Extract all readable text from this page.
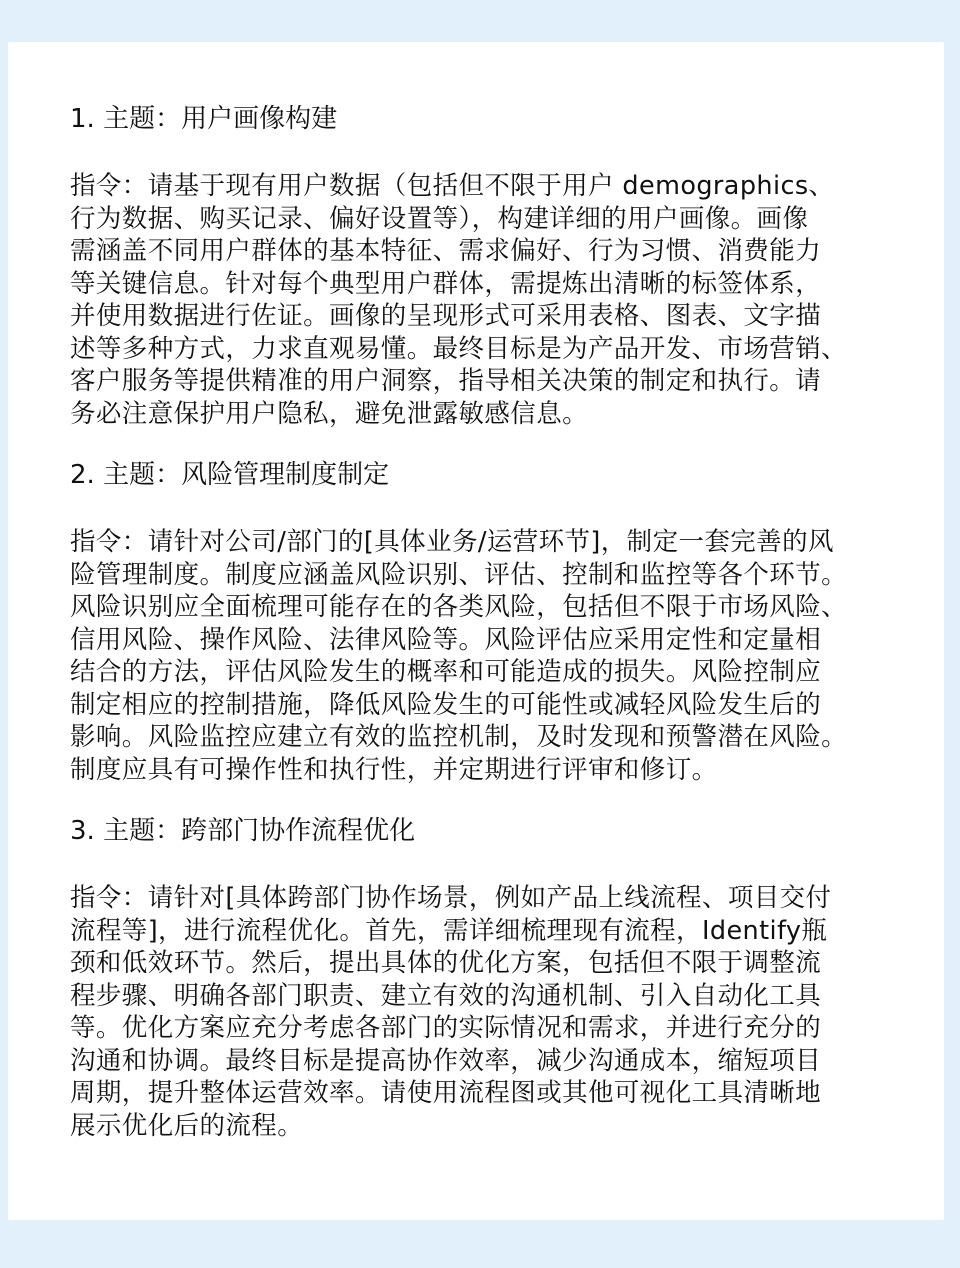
1. 主题：用户画像构建

指令：请基于现有用户数据（包括但不限于用户 demographics、
行为数据、购买记录、偏好设置等），构建详细的用户画像。画像
需涵盖不同用户群体的基本特征、需求偏好、行为习惯、消费能力
等关键信息。针对每个典型用户群体，需提炼出清晰的标签体系，
并使用数据进行佐证。画像的呈现形式可采用表格、图表、文字描
述等多种方式，力求直观易懂。最终目标是为产品开发、市场营销、
客户服务等提供精准的用户洞察，指导相关决策的制定和执行。请
务必注意保护用户隐私，避免泄露敏感信息。

2. 主题：风险管理制度制定

指令：请针对公司/部门的[具体业务/运营环节]，制定一套完善的风
险管理制度。制度应涵盖风险识别、评估、控制和监控等各个环节。
风险识别应全面梳理可能存在的各类风险，包括但不限于市场风险、
信用风险、操作风险、法律风险等。风险评估应采用定性和定量相
结合的方法，评估风险发生的概率和可能造成的损失。风险控制应
制定相应的控制措施，降低风险发生的可能性或减轻风险发生后的
影响。风险监控应建立有效的监控机制，及时发现和预警潜在风险。
制度应具有可操作性和执行性，并定期进行评审和修订。

3. 主题：跨部门协作流程优化

指令：请针对[具体跨部门协作场景，例如产品上线流程、项目交付
流程等]，进行流程优化。首先，需详细梳理现有流程，Identify瓶
颈和低效环节。然后，提出具体的优化方案，包括但不限于调整流
程步骤、明确各部门职责、建立有效的沟通机制、引入自动化工具
等。优化方案应充分考虑各部门的实际情况和需求，并进行充分的
沟通和协调。最终目标是提高协作效率，减少沟通成本，缩短项目
周期，提升整体运营效率。请使用流程图或其他可视化工具清晰地
展示优化后的流程。
